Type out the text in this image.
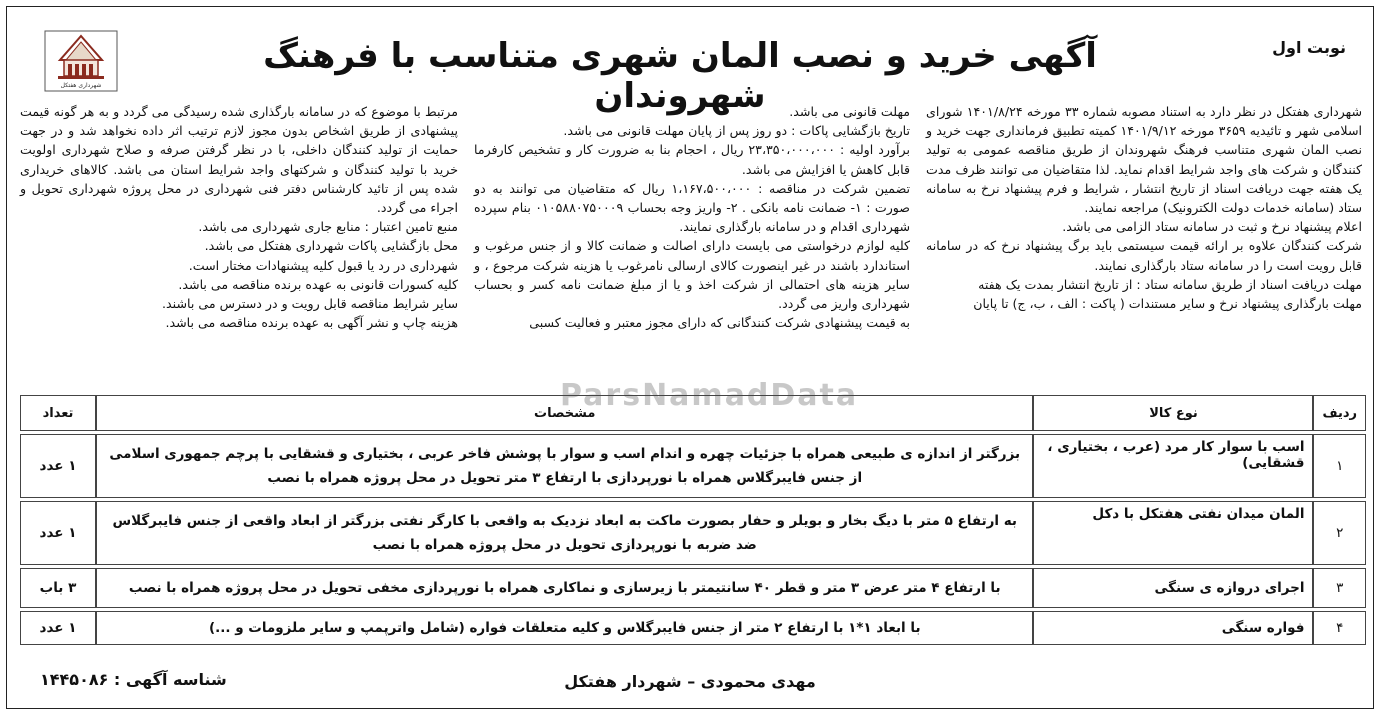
نوبت اول
آگهی خرید و نصب المان شهری متناسب با فرهنگ شهروندان
شهرداری هفتکل

شهرداری هفتکل در نظر دارد به استناد مصوبه شماره ۳۳ مورخه ۱۴۰۱/۸/۲۴ شورای اسلامی شهر و تائیدیه ۳۶۵۹ مورخه ۱۴۰۱/۹/۱۲ کمیته تطبیق فرمانداری جهت خرید و نصب المان شهری متناسب فرهنگ شهروندان از طریق مناقصه عمومی به تولید کنندگان و شرکت های واجد شرایط اقدام نماید. لذا متقاضیان می توانند ظرف مدت یک هفته جهت دریافت اسناد از تاریخ انتشار ، شرایط و فرم پیشنهاد نرخ به سامانه ستاد (سامانه خدمات دولت الکترونیک) مراجعه نمایند.

اعلام پیشنهاد نرخ و ثبت در سامانه ستاد الزامی می باشد.

شرکت کنندگان علاوه بر ارائه قیمت سیستمی باید برگ پیشنهاد نرخ که در سامانه قابل رویت است را در سامانه ستاد بارگذاری نمایند.

مهلت دریافت اسناد از طریق سامانه ستاد : از تاریخ انتشار بمدت یک هفته

مهلت بارگذاری پیشنهاد نرخ و سایر مستندات ( پاکت : الف ، ب، ج) تا پایان

مهلت قانونی می باشد.

تاریخ بازگشایی پاکات : دو روز پس از پایان مهلت قانونی می باشد.

برآورد اولیه : ۲۳،۳۵۰،۰۰۰،۰۰۰ ریال ، احجام بنا به ضرورت کار و تشخیص کارفرما قابل کاهش یا افزایش می باشد.

تضمین شرکت در مناقصه : ۱،۱۶۷،۵۰۰،۰۰۰ ریال که متقاضیان می توانند به دو صورت : ۱- ضمانت نامه بانکی . ۲- واریز وجه بحساب ۰۱۰۵۸۸۰۷۵۰۰۰۹ بنام سپرده شهرداری اقدام و در سامانه بارگذاری نمایند.

کلیه لوازم درخواستی می بایست دارای اصالت و ضمانت کالا و از جنس مرغوب و استاندارد باشند در غیر اینصورت کالای ارسالی نامرغوب یا هزینه شرکت مرجوع ، و سایر هزینه های احتمالی از شرکت اخذ و یا از مبلغ ضمانت نامه کسر و بحساب شهرداری واریز می گردد.

به قیمت پیشنهادی شرکت کنندگانی که دارای مجوز معتبر و فعالیت کسبی

مرتبط با موضوع که در سامانه بارگذاری شده رسیدگی می گردد و به هر گونه قیمت پیشنهادی از طریق اشخاص بدون مجوز لازم ترتیب اثر داده نخواهد شد و در جهت حمایت از تولید کنندگان داخلی، با در نظر گرفتن صرفه و صلاح شهرداری اولویت خرید با تولید کنندگان و شرکتهای واجد شرایط استان می باشد. کالاهای خریداری شده پس از تائید کارشناس دفتر فنی شهرداری در محل پروژه شهرداری تحویل و اجراء می گردد.

منبع تامین اعتبار : منابع جاری شهرداری می باشد.

محل بازگشایی پاکات شهرداری هفتکل می باشد.

شهرداری در رد یا قبول کلیه پیشنهادات مختار است.

کلیه کسورات قانونی به عهده برنده مناقصه می باشد.

سایر شرایط مناقصه قابل رویت و در دسترس می باشند.

هزینه چاپ و نشر آگهی به عهده برنده مناقصه می باشد.

ParsNamadData	ردیف	نوع کالا	مشخصات	تعداد
۱	اسب با سوار کار مرد (عرب ، بختیاری ، قشقایی)	بزرگتر از اندازه ی طبیعی همراه با جزئیات چهره و اندام اسب و سوار با پوشش فاخر عربی ، بختیاری و قشقایی با پرچم جمهوری اسلامی از جنس فایبرگلاس همراه با نورپردازی با ارتفاع ۳ متر تحویل در محل پروژه همراه با نصب	۱ عدد
۲	المان میدان نفتی هفتکل با دکل	به ارتفاع ۵ متر با دیگ بخار و بویلر و حفار بصورت ماکت به ابعاد نزدیک به واقعی با کارگر نفتی بزرگتر از ابعاد واقعی از جنس فایبرگلاس ضد ضربه با نورپردازی تحویل در محل پروژه همراه با نصب	۱ عدد
۳	اجرای دروازه ی سنگی	با ارتفاع ۴ متر عرض ۳ متر و قطر ۴۰ سانتیمتر با زیرسازی و نماکاری همراه با نورپردازی مخفی تحویل در محل پروژه همراه با نصب	۳ باب
۴	فواره سنگی	با ابعاد ۱*۱ با ارتفاع ۲ متر از جنس فایبرگلاس و کلیه متعلقات فواره (شامل واترپمپ و سایر ملزومات و ...)	۱ عدد
مهدی محمودی – شهردار هفتکل
شناسه آگهی : ۱۴۴۵۰۸۶
